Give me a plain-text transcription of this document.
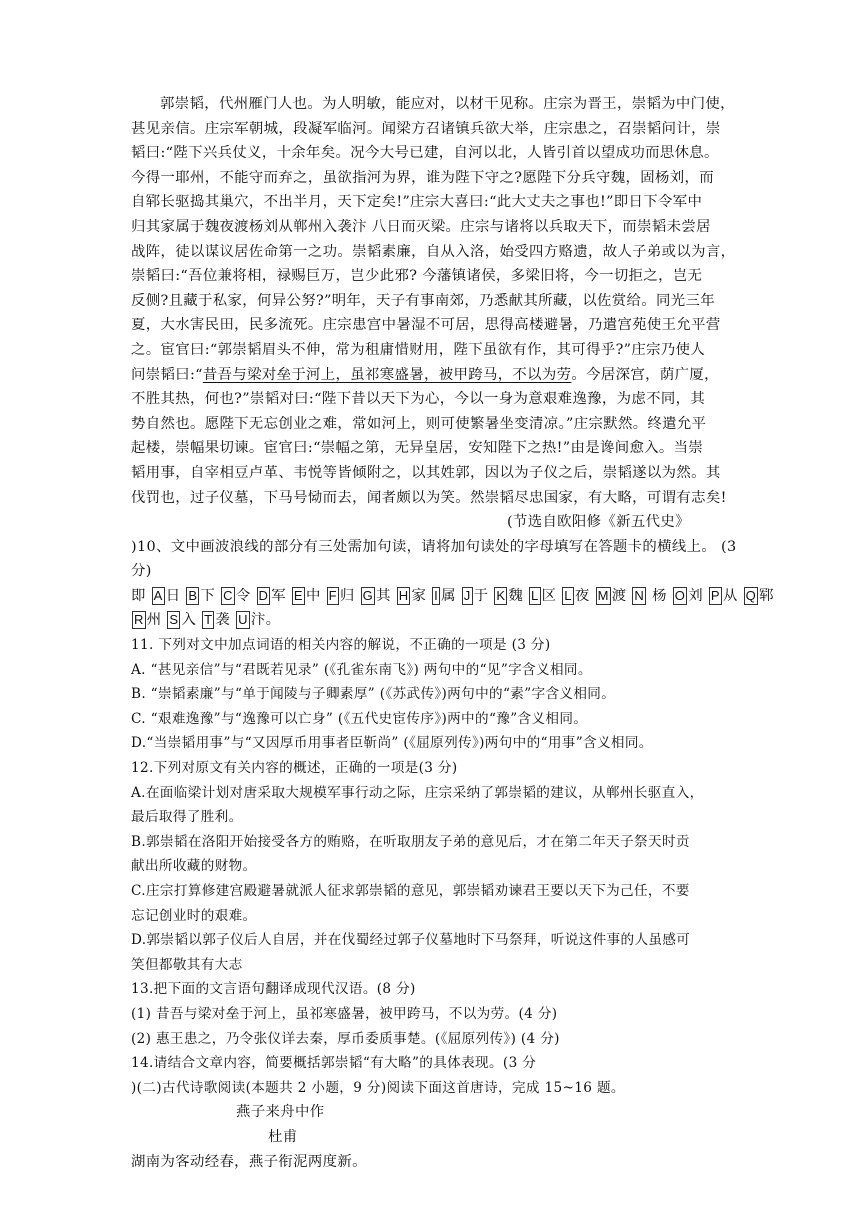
郭崇韬，代州雁门人也。为人明敏，能应对，以材干见称。庄宗为晋王，崇韬为中门使，
甚见亲信。庄宗军朝城，段凝军临河。闻梁方召诸镇兵欲大举，庄宗患之，召崇韬问计，崇
韬曰:“陛下兴兵仗义，十余年矣。况今大号已建，自河以北，人皆引首以望成功而思休息。
今得一耶州，不能守而弃之，虽欲指河为界，谁为陛下守之?愿陛下分兵守魏，固杨刘，而
自郓长驱捣其巢穴，不出半月，天下定矣!”庄宗大喜曰:“此大丈夫之事也!”即日下令军中
归其家属于魏夜渡杨刘从郸州入袭汴 八日而灭梁。庄宗与诸将以兵取天下，而崇韬未尝居
战阵，徒以谋议居佐命第一之功。崇韬素廉，自从入洛，始受四方赂遗，故人子弟或以为言，
崇韬曰:“吾位兼将相，禄赐巨万，岂少此邪? 今藩镇诸侯，多梁旧将，今一切拒之，岂无
反侧?且藏于私家，何异公努?”明年，天子有事南郊，乃悉献其所藏，以佐赏给。同光三年
夏，大水害民田，民多流死。庄宗患宫中暑湿不可居，思得高楼避暑，乃遣宫苑使王允平营
之。宦官曰:“郭崇韬眉头不伸，常为租庸惜财用，陛下虽欲有作，其可得乎?”庄宗乃使人
问崇韬曰:“昔吾与梁对垒于河上，虽祁寒盛暑，被甲跨马，不以为劳。今居深宫，荫广厦，
不胜其热，何也?”崇韬对曰:“陛下昔以天下为心，今以一身为意艰难逸豫，为虑不同，其
势自然也。愿陛下无忘创业之难，常如河上，则可使繁暑坐变清凉。”庄宗默然。终遣允平
起楼，崇幅果切谏。宦官曰:“崇幅之第，无异皇居，安知陛下之热!”由是谗间愈入。当崇
韬用事，自宰相豆卢革、韦悦等皆倾附之，以其姓郭，因以为子仪之后，崇韬遂以为然。其
伐罚也，过子仪墓，下马号恸而去，闻者颇以为笑。然崇韬尽忠国家，有大略，可谓有志矣!
(节选自欧阳修《新五代史》
)10、文中画波浪线的部分有三处需加句读，请将加句读处的字母填写在答题卡的横线上。 (3
分)
即 A 日 B 下 C 令 D 军 E 中 F 归 G 其 H 家 I 属 J 于 K 魏 L 区 L 夜 M 渡 N 杨 O 刘 P 从 Q 郓
R 州 S 入 T 袭 U 汴。
11. 下列对文中加点词语的相关内容的解说，不正确的一项是 (3 分)
A. “甚见亲信”与“君既若见录” (《孔雀东南飞》) 两句中的“见”字含义相同。
B. “崇韬素廉”与“单于闻陵与子卿素厚” (《苏武传》)两句中的“素”字含义相同。
C. “艰难逸豫”与“逸豫可以亡身” (《五代史宦传序》)两中的“豫”含义相同。
D.“当崇韬用事”与“又因厚币用事者臣靳尚” (《屈原列传》)两句中的“用事”含义相同。
12.下列对原文有关内容的概述，正确的一项是(3 分)
A.在面临梁计划对唐采取大规模军事行动之际，庄宗采纳了郭崇韬的建议，从郸州长驱直入，
最后取得了胜利。
B.郭崇韬在洛阳开始接受各方的贿赂，在听取朋友子弟的意见后，才在第二年天子祭天时贡
献出所收藏的财物。
C.庄宗打算修建宫殿避暑就派人征求郭崇韬的意见，郭崇韬劝谏君王要以天下为己任，不要
忘记创业时的艰难。
D.郭崇韬以郭子仪后人自居，并在伐蜀经过郭子仪墓地时下马祭拜，听说这件事的人虽感可
笑但都敬其有大志
13.把下面的文言语句翻译成现代汉语。(8 分)
(1) 昔吾与梁对垒于河上，虽祁寒盛暑，被甲跨马，不以为劳。(4 分)
(2) 惠王患之，乃令张仪详去秦，厚币委质事楚。(《屈原列传》) (4 分)
14.请结合文章内容，简要概括郭崇韬“有大略”的具体表现。(3 分
)(二)古代诗歌阅读(本题共 2 小题，9 分)阅读下面这首唐诗，完成 15~16 题。
燕子来舟中作
杜甫
湖南为客动经春，燕子衔泥两度新。
